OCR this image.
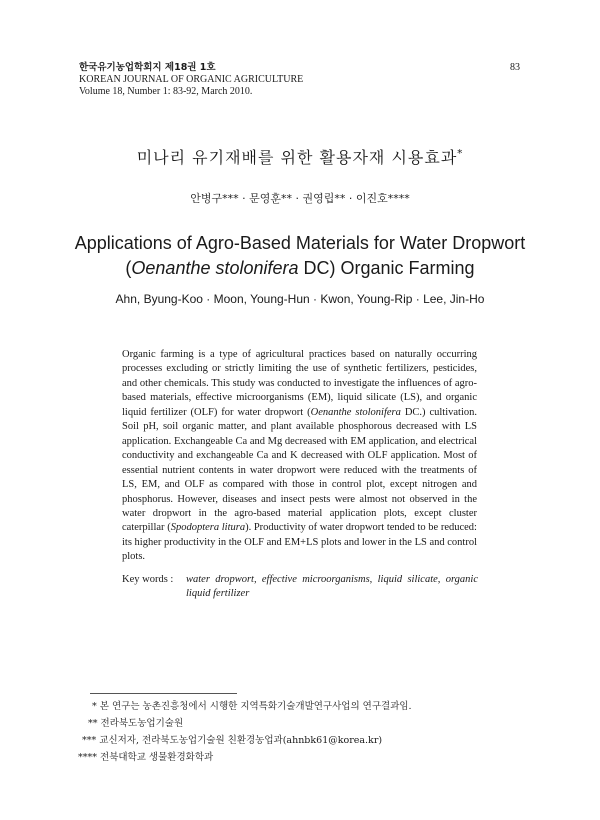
한국유기농업학회지 제18권 1호
KOREAN JOURNAL OF ORGANIC AGRICULTURE
Volume 18, Number 1: 83-92, March 2010.
83
미나리 유기재배를 위한 활용자재 시용효과*
안병구*** · 문영훈** · 권영립** · 이진호****
Applications of Agro-Based Materials for Water Dropwort (Oenanthe stolonifera DC) Organic Farming
Ahn, Byung-Koo · Moon, Young-Hun · Kwon, Young-Rip · Lee, Jin-Ho
Organic farming is a type of agricultural practices based on naturally occurring processes excluding or strictly limiting the use of synthetic fertilizers, pesticides, and other chemicals. This study was conducted to investigate the influences of agro-based materials, effective microorganisms (EM), liquid silicate (LS), and organic liquid fertilizer (OLF) for water dropwort (Oenanthe stolonifera DC.) cultivation. Soil pH, soil organic matter, and plant available phosphorous decreased with LS application. Exchangeable Ca and Mg decreased with EM application, and electrical conductivity and exchangeable Ca and K decreased with OLF application. Most of essential nutrient contents in water dropwort were reduced with the treatments of LS, EM, and OLF as compared with those in control plot, except nitrogen and phosphorus. However, diseases and insect pests were almost not observed in the water dropwort in the agro-based material application plots, except cluster caterpillar (Spodoptera litura). Productivity of water dropwort tended to be reduced: its higher productivity in the OLF and EM+LS plots and lower in the LS and control plots.
Key words : water dropwort, effective microorganisms, liquid silicate, organic liquid fertilizer
* 본 연구는 농촌진흥청에서 시행한 지역특화기술개발연구사업의 연구결과임.
** 전라북도농업기술원
*** 교신저자, 전라북도농업기술원 친환경농업과(ahnbk61@korea.kr)
**** 전북대학교 생물환경화학과
